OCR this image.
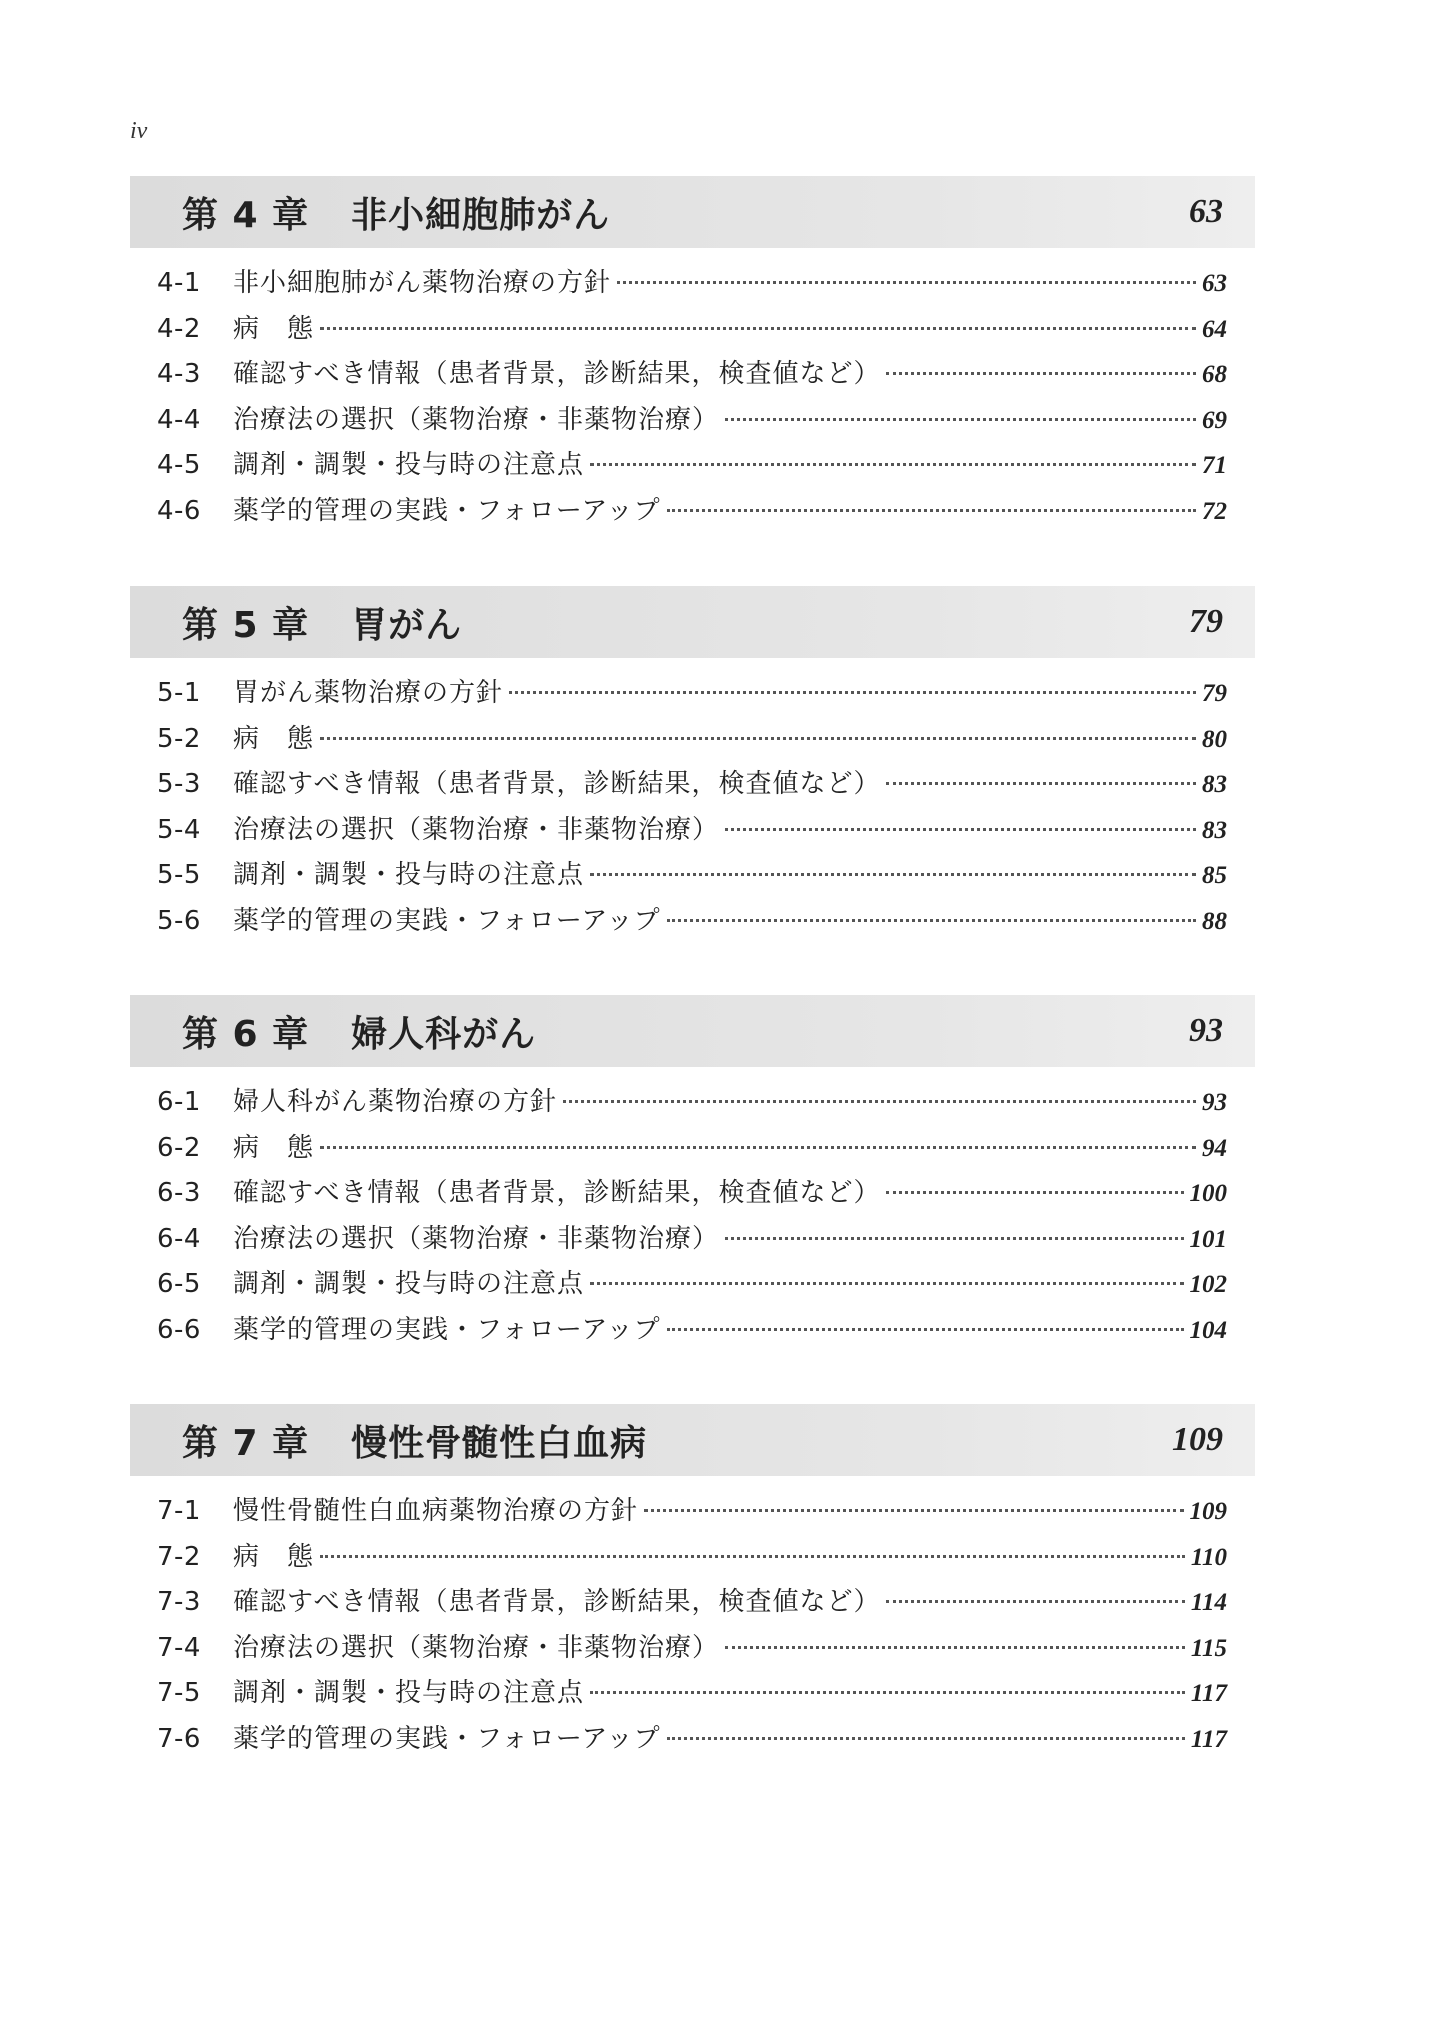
iv
第 4 章 非小細胞肺がん	63
4-1	非小細胞肺がん薬物治療の方針	63
4-2	病　態	64
4-3	確認すべき情報（患者背景，診断結果，検査値など）	68
4-4	治療法の選択（薬物治療・非薬物治療）	69
4-5	調剤・調製・投与時の注意点	71
4-6	薬学的管理の実践・フォローアップ	72
第 5 章 胃がん	79
5-1	胃がん薬物治療の方針	79
5-2	病　態	80
5-3	確認すべき情報（患者背景，診断結果，検査値など）	83
5-4	治療法の選択（薬物治療・非薬物治療）	83
5-5	調剤・調製・投与時の注意点	85
5-6	薬学的管理の実践・フォローアップ	88
第 6 章 婦人科がん	93
6-1	婦人科がん薬物治療の方針	93
6-2	病　態	94
6-3	確認すべき情報（患者背景，診断結果，検査値など）	100
6-4	治療法の選択（薬物治療・非薬物治療）	101
6-5	調剤・調製・投与時の注意点	102
6-6	薬学的管理の実践・フォローアップ	104
第 7 章 慢性骨髄性白血病	109
7-1	慢性骨髄性白血病薬物治療の方針	109
7-2	病　態	110
7-3	確認すべき情報（患者背景，診断結果，検査値など）	114
7-4	治療法の選択（薬物治療・非薬物治療）	115
7-5	調剤・調製・投与時の注意点	117
7-6	薬学的管理の実践・フォローアップ	117
